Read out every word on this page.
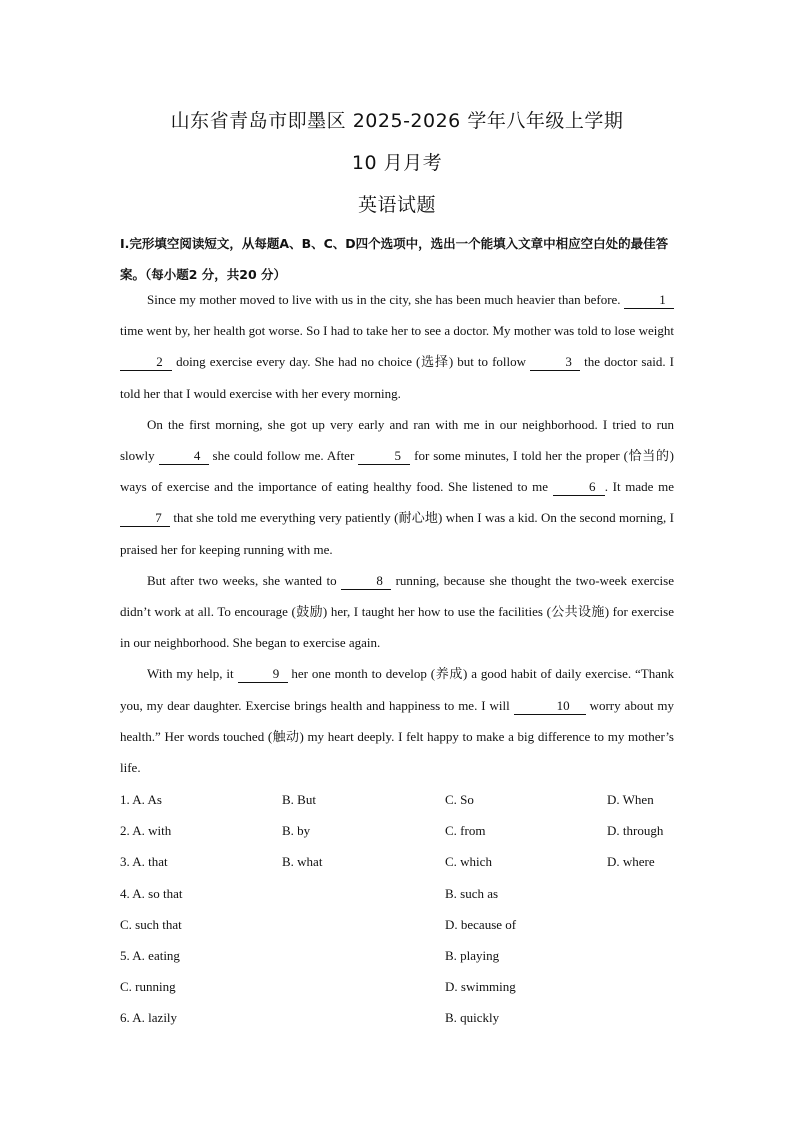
山东省青岛市即墨区 2025-2026 学年八年级上学期
10 月月考
英语试题
Ⅰ.完形填空阅读短文，从每题A、B、C、D四个选项中，选出一个能填入文章中相应空白处的最佳答案。（每小题2 分，共20 分）

Since my mother moved to live with us in the city, she has been much heavier than before.	1 time went by, her health got worse. So I had to take her to see a doctor. My mother was told to lose weight 2 doing exercise every day. She had no choice (选择) but to follow	3 the doctor said. I told her that I would exercise with her every morning.

On the first morning, she got up very early and ran with me in our neighborhood. I tried to run slowly	4 she could follow me. After	5 for some minutes, I told her the proper (恰当的) ways of exercise and the importance of eating healthy food. She listened to me	6 . It made me 7 that she told me everything very patiently (耐心地) when I was a kid. On the second morning, I praised her for keeping running with me.

But after two weeks, she wanted to	8 running, because she thought the two-week exercise didn’t work at all. To encourage (鼓励) her, I taught her how to use the facilities (公共设施) for exercise in our neighborhood. She began to exercise again.

With my help, it	9 her one month to develop (养成) a good habit of daily exercise. “Thank you, my dear daughter. Exercise brings health and happiness to me. I will	10 worry about my health.” Her words touched (触动) my heart deeply. I felt happy to make a big difference to my mother’s life.

1. A. As	B. But	C. So	D. When
2. A. with	B. by	C. from	D. through
3. A. that	B. what	C. which	D. where
4. A. so that	B. such as
C. such that	D. because of
5. A. eating	B. playing
C. running	D. swimming
6. A. lazily	B. quickly
